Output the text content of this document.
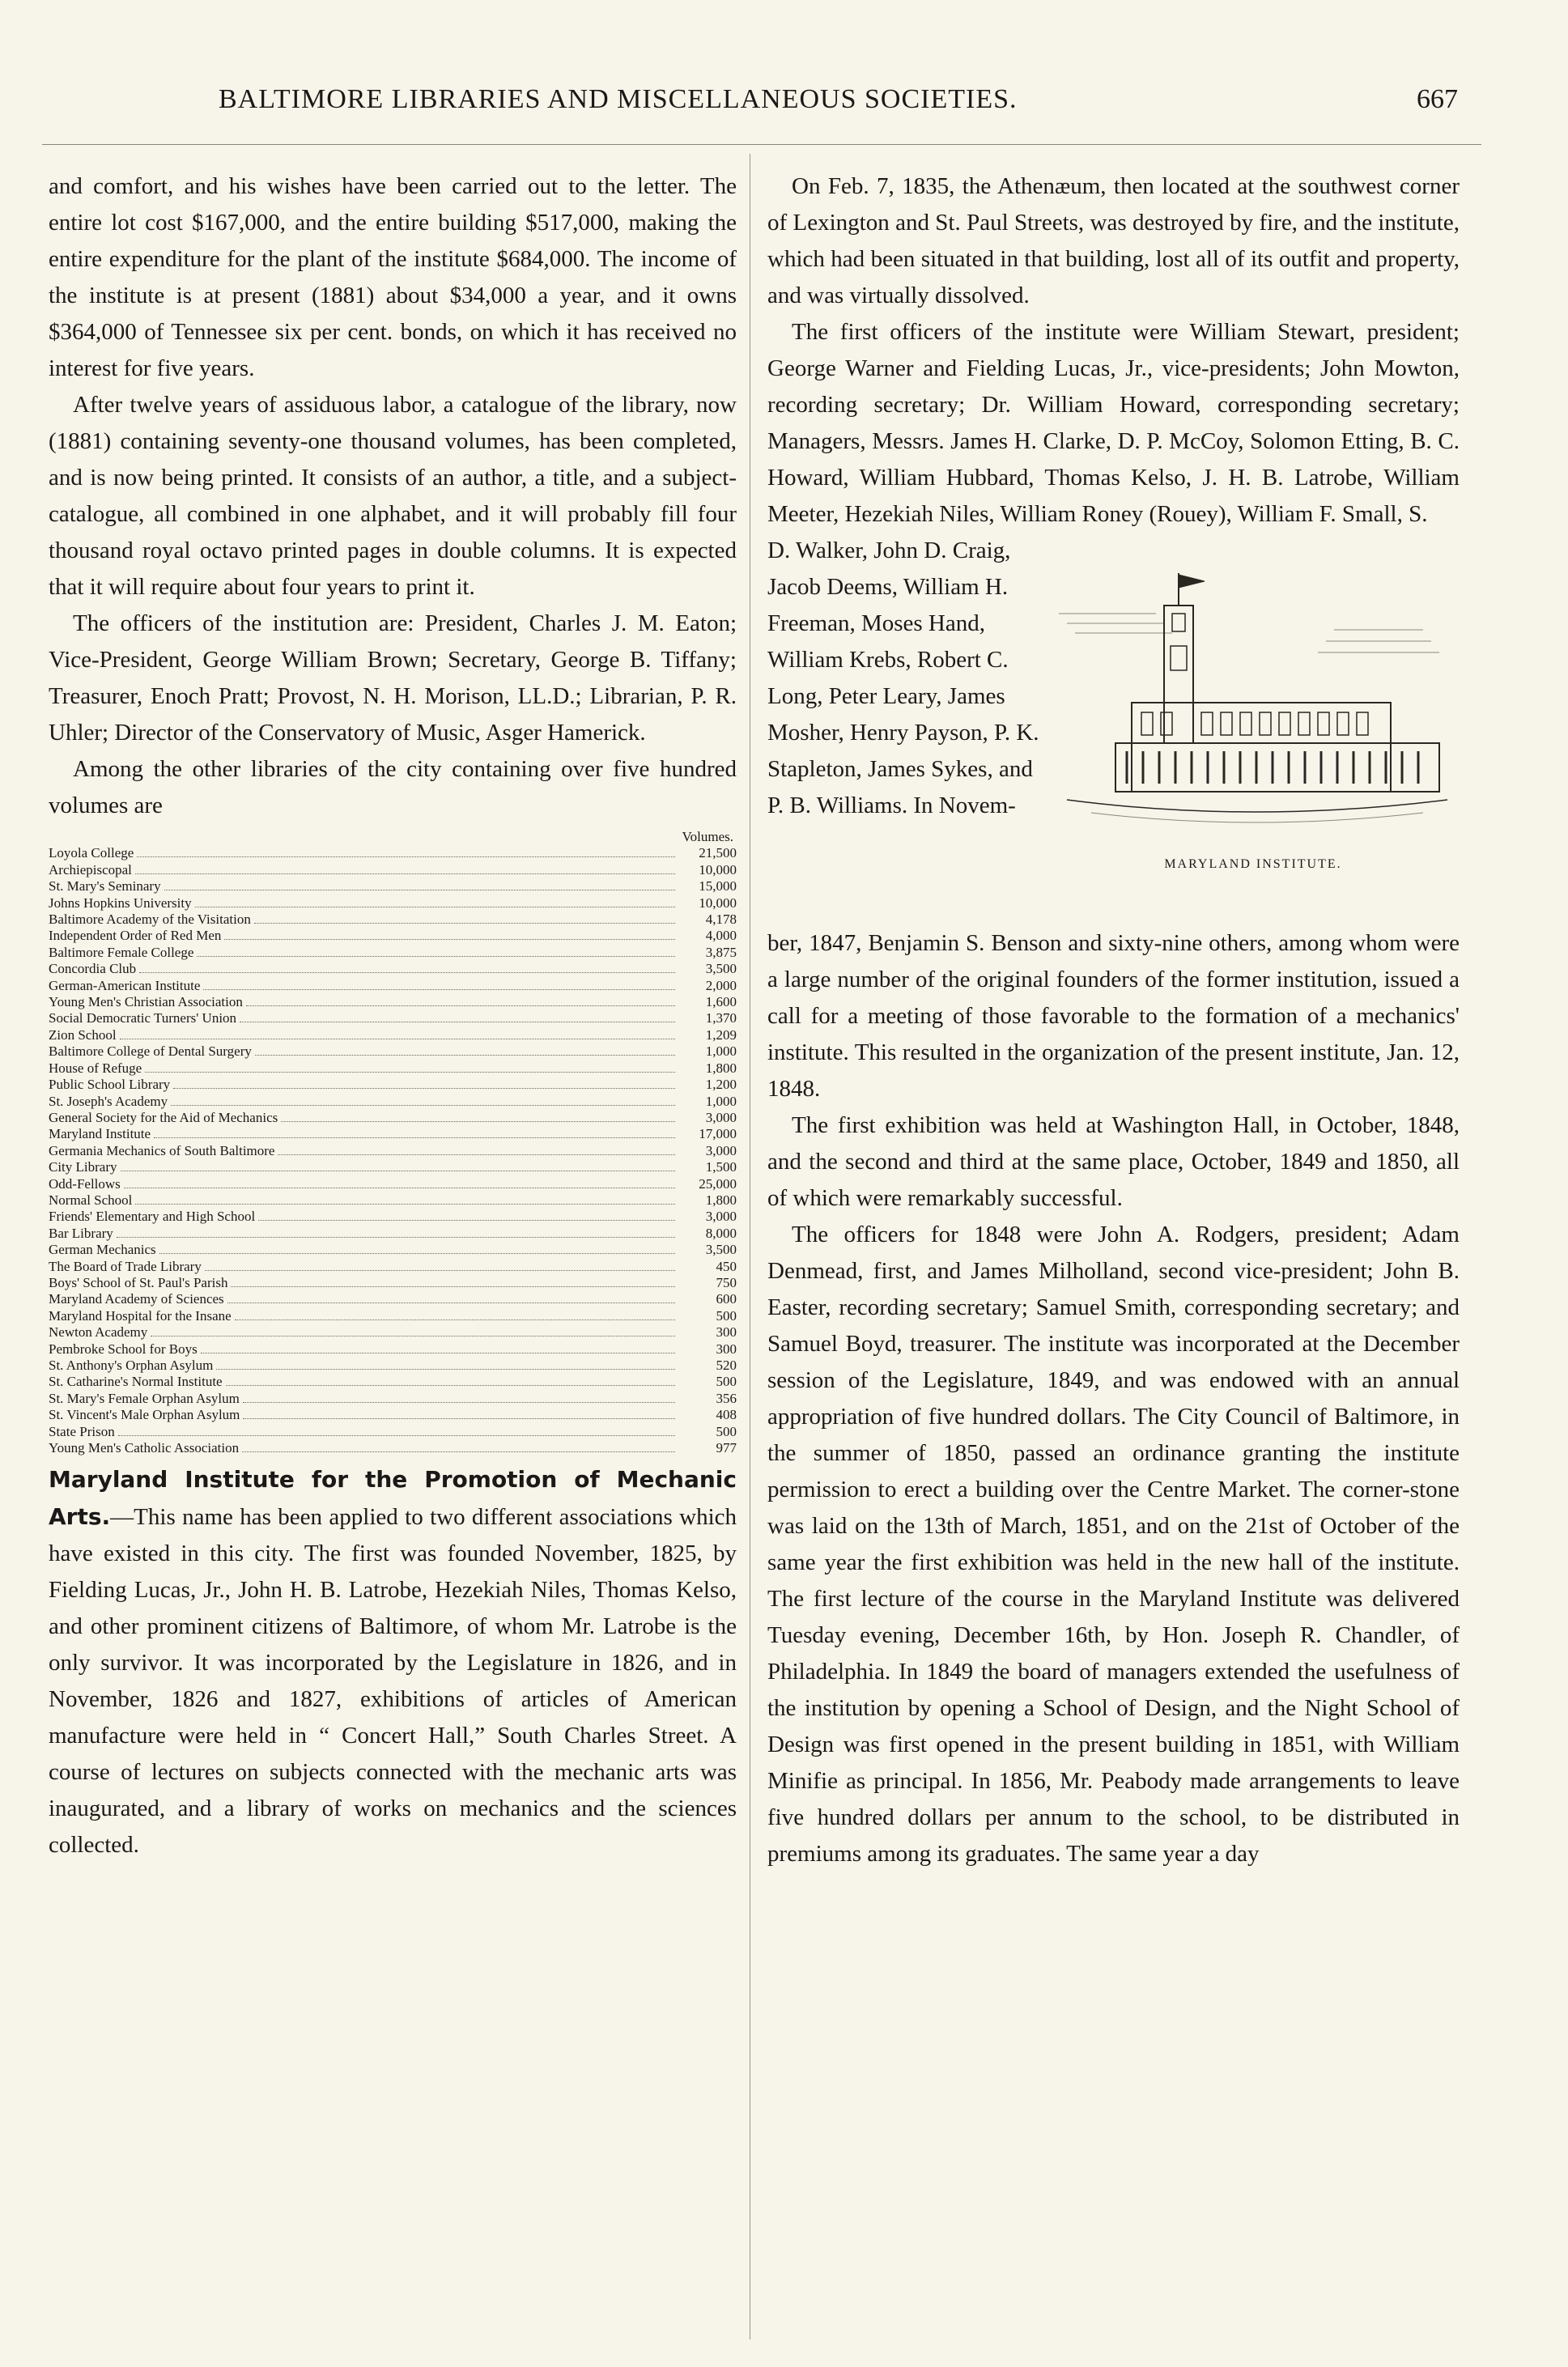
BALTIMORE LIBRARIES AND MISCELLANEOUS SOCIETIES.	667

and comfort, and his wishes have been carried out to the letter. The entire lot cost $167,000, and the entire building $517,000, making the entire expenditure for the plant of the institute $684,000. The income of the institute is at present (1881) about $34,000 a year, and it owns $364,000 of Tennessee six per cent. bonds, on which it has received no interest for five years.

After twelve years of assiduous labor, a catalogue of the library, now (1881) containing seventy-one thousand volumes, has been completed, and is now being printed. It consists of an author, a title, and a subject-catalogue, all combined in one alphabet, and it will probably fill four thousand royal octavo printed pages in double columns. It is expected that it will require about four years to print it.

The officers of the institution are: President, Charles J. M. Eaton; Vice-President, George William Brown; Secretary, George B. Tiffany; Treasurer, Enoch Pratt; Provost, N. H. Morison, LL.D.; Librarian, P. R. Uhler; Director of the Conservatory of Music, Asger Hamerick.

Among the other libraries of the city containing over five hundred volumes are

Volumes.
Loyola College	21,500
Archiepiscopal	10,000
St. Mary's Seminary	15,000
Johns Hopkins University	10,000
Baltimore Academy of the Visitation	4,178
Independent Order of Red Men	4,000
Baltimore Female College	3,875
Concordia Club	3,500
German-American Institute	2,000
Young Men's Christian Association	1,600
Social Democratic Turners' Union	1,370
Zion School	1,209
Baltimore College of Dental Surgery	1,000
House of Refuge	1,800
Public School Library	1,200
St. Joseph's Academy	1,000
General Society for the Aid of Mechanics	3,000
Maryland Institute	17,000
Germania Mechanics of South Baltimore	3,000
City Library	1,500
Odd-Fellows	25,000
Normal School	1,800
Friends' Elementary and High School	3,000
Bar Library	8,000
German Mechanics	3,500
The Board of Trade Library	450
Boys' School of St. Paul's Parish	750
Maryland Academy of Sciences	600
Maryland Hospital for the Insane	500
Newton Academy	300
Pembroke School for Boys	300
St. Anthony's Orphan Asylum	520
St. Catharine's Normal Institute	500
St. Mary's Female Orphan Asylum	356
St. Vincent's Male Orphan Asylum	408
State Prison	500
Young Men's Catholic Association	977

Maryland Institute for the Promotion of Mechanic Arts.—This name has been applied to two different associations which have existed in this city. The first was founded November, 1825, by Fielding Lucas, Jr., John H. B. Latrobe, Hezekiah Niles, Thomas Kelso, and other prominent citizens of Baltimore, of whom Mr. Latrobe is the only survivor. It was incorporated by the Legislature in 1826, and in November, 1826 and 1827, exhibitions of articles of American manufacture were held in “ Concert Hall,” South Charles Street. A course of lectures on subjects connected with the mechanic arts was inaugurated, and a library of works on mechanics and the sciences collected.

On Feb. 7, 1835, the Athenæum, then located at the southwest corner of Lexington and St. Paul Streets, was destroyed by fire, and the institute, which had been situated in that building, lost all of its outfit and property, and was virtually dissolved.

The first officers of the institute were William Stewart, president; George Warner and Fielding Lucas, Jr., vice-presidents; John Mowton, recording secretary; Dr. William Howard, corresponding secretary; Managers, Messrs. James H. Clarke, D. P. McCoy, Solomon Etting, B. C. Howard, William Hubbard, Thomas Kelso, J. H. B. Latrobe, William Meeter, Hezekiah Niles, William Roney (Rouey), William F. Small, S.

D. Walker, John D. Craig, Jacob Deems, William H. Freeman, Moses Hand, William Krebs, Robert C. Long, Peter Leary, James Mosher, Henry Payson, P. K. Stapleton, James Sykes, and P. B. Williams. In Novem-
MARYLAND INSTITUTE.

ber, 1847, Benjamin S. Benson and sixty-nine others, among whom were a large number of the original founders of the former institution, issued a call for a meeting of those favorable to the formation of a mechanics' institute. This resulted in the organization of the present institute, Jan. 12, 1848.

The first exhibition was held at Washington Hall, in October, 1848, and the second and third at the same place, October, 1849 and 1850, all of which were remarkably successful.

The officers for 1848 were John A. Rodgers, president; Adam Denmead, first, and James Milholland, second vice-president; John B. Easter, recording secretary; Samuel Smith, corresponding secretary; and Samuel Boyd, treasurer. The institute was incorporated at the December session of the Legislature, 1849, and was endowed with an annual appropriation of five hundred dollars. The City Council of Baltimore, in the summer of 1850, passed an ordinance granting the institute permission to erect a building over the Centre Market. The corner-stone was laid on the 13th of March, 1851, and on the 21st of October of the same year the first exhibition was held in the new hall of the institute. The first lecture of the course in the Maryland Institute was delivered Tuesday evening, December 16th, by Hon. Joseph R. Chandler, of Philadelphia. In 1849 the board of managers extended the usefulness of the institution by opening a School of Design, and the Night School of Design was first opened in the present building in 1851, with William Minifie as principal. In 1856, Mr. Peabody made arrangements to leave five hundred dollars per annum to the school, to be distributed in premiums among its graduates. The same year a day
